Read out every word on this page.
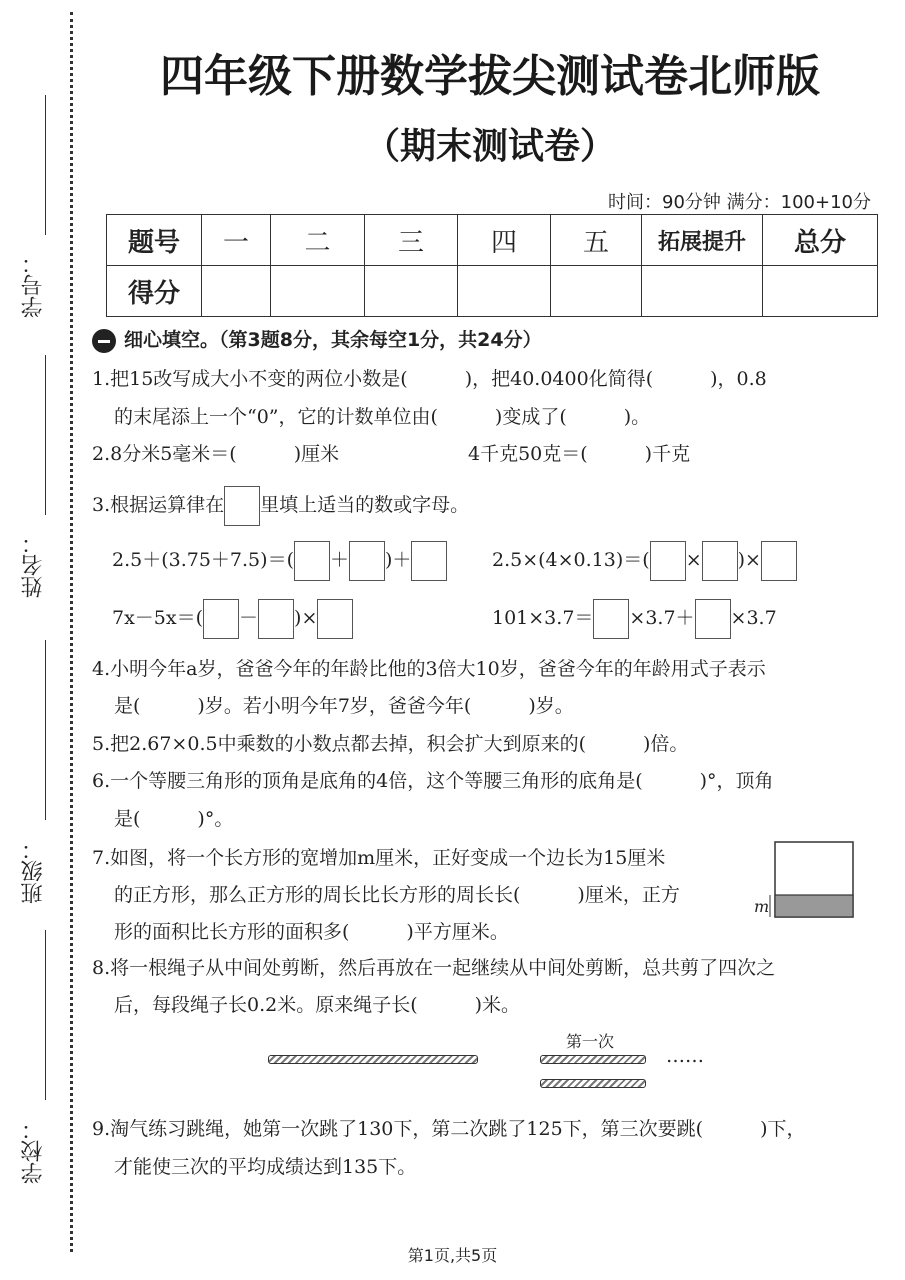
学号：
姓名：
班级：
学校：
四年级下册数学拔尖测试卷北师版
（期末测试卷）
时间：90分钟 满分：100+10分
题号	一	二	三	四	五	拓展提升	总分
得分							
细心填空。（第3题8分，其余每空1分，共24分）
1.把15改写成大小不变的两位小数是(　　　)，把40.0400化简得(　　　)，0.8
的末尾添上一个“0”，它的计数单位由(　　　)变成了(　　　)。
2.8分米5毫米＝(　　　)厘米	4千克50克＝(　　　)千克
3.根据运算律在 里填上适当的数或字母。
2.5＋(3.75＋7.5)＝( ＋ )＋	2.5×(4×0.13)＝( × )×
7x－5x＝( － )×	101×3.7＝ ×3.7＋ ×3.7
4.小明今年a岁，爸爸今年的年龄比他的3倍大10岁，爸爸今年的年龄用式子表示
是(　　　)岁。若小明今年7岁，爸爸今年(　　　)岁。
5.把2.67×0.5中乘数的小数点都去掉，积会扩大到原来的(　　　)倍。
6.一个等腰三角形的顶角是底角的4倍，这个等腰三角形的底角是(　　　)°，顶角
是(　　　)°。
7.如图，将一个长方形的宽增加m厘米，正好变成一个边长为15厘米
的正方形，那么正方形的周长比长方形的周长长(　　　)厘米，正方
形的面积比长方形的面积多(　　　)平方厘米。
m
8.将一根绳子从中间处剪断，然后再放在一起继续从中间处剪断，总共剪了四次之
后，每段绳子长0.2米。原来绳子长(　　　)米。
第一次
……
9.淘气练习跳绳，她第一次跳了130下，第二次跳了125下，第三次要跳(　　　)下，
才能使三次的平均成绩达到135下。
第1页,共5页
